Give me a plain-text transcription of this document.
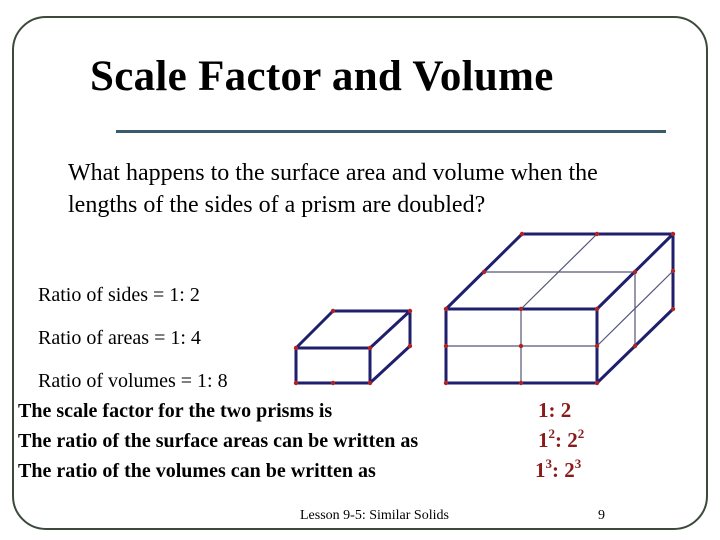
Scale Factor and Volume
What happens to the surface area and volume when the lengths of the sides of a prism are doubled?
Ratio of sides = 1: 2
Ratio of areas = 1: 4
Ratio of volumes = 1: 8
The scale factor for the two prisms is
The ratio of the surface areas can be written as
The ratio of the volumes can be written as
1: 2
$1^2$: $2^2$
$1^3$: $2^3$
Lesson 9-5: Similar Solids	9
